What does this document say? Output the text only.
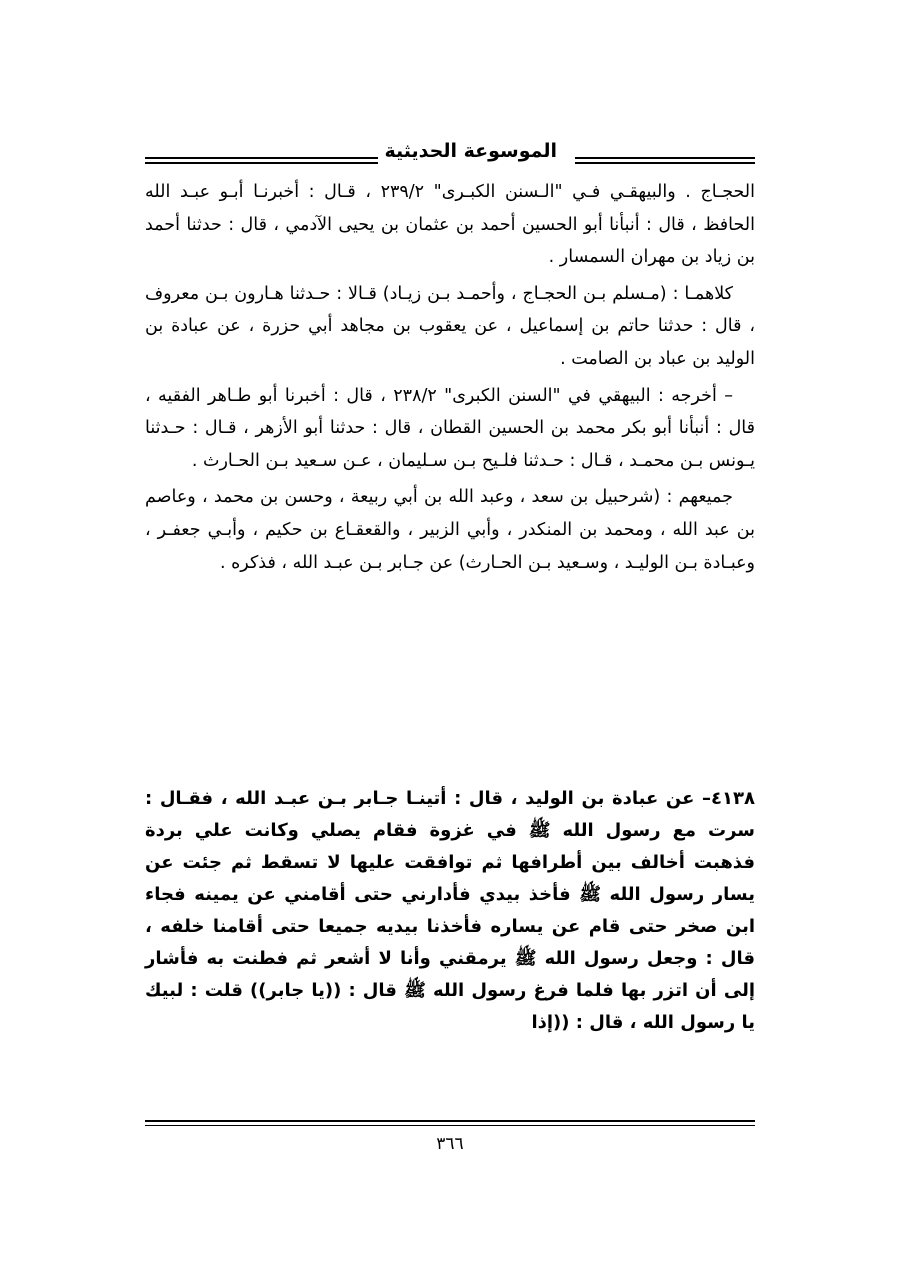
الموسوعة الحديثية

الحجـاج . والبيهقـي فـي "الـسنن الكبـرى" ٢٣٩/٢ ، قـال : أخبرنـا أبـو عبـد الله الحافظ ، قال : أنبأنا أبو الحسين أحمد بن عثمان بن يحيى الآدمي ، قال : حدثنا أحمد بن زياد بن مهران السمسار .

كلاهمـا : (مـسلم بـن الحجـاج ، وأحمـد بـن زيـاد) قـالا : حـدثنا هـارون بـن معروف ، قال : حدثنا حاتم بن إسماعيل ، عن يعقوب بن مجاهد أبي حزرة ، عن عبادة بن الوليد بن عباد بن الصامت .

– أخرجه : البيهقي في "السنن الكبرى" ٢٣٨/٢ ، قال : أخبرنا أبو طـاهر الفقيه ، قال : أنبأنا أبو بكر محمد بن الحسين القطان ، قال : حدثنا أبو الأزهر ، قـال : حـدثنا يـونس بـن محمـد ، قـال : حـدثنا فلـيح بـن سـليمان ، عـن سـعيد بـن الحـارث .

جميعهم : (شرحبيل بن سعد ، وعبد الله بن أبي ربيعة ، وحسن بن محمد ، وعاصم بن عبد الله ، ومحمد بن المنكدر ، وأبي الزبير ، والقعقـاع بن حكيم ، وأبـي جعفـر ، وعبـادة بـن الوليـد ، وسـعيد بـن الحـارث) عن جـابر بـن عبـد الله ، فذكره .

٤١٣٨– عن عبادة بن الوليد ، قال : أتينـا جـابر بـن عبـد الله ، فقـال : سرت مع رسول الله ﷺ في غزوة فقام يصلي وكانت علي بردة فذهبت أخالف بين أطرافها ثم توافقت عليها لا تسقط ثم جئت عن يسار رسول الله ﷺ فأخذ بيدي فأدارني حتى أقامني عن يمينه فجاء ابن صخر حتى قام عن يساره فأخذنا بيديه جميعا حتى أقامنا خلفه ، قال : وجعل رسول الله ﷺ يرمقني وأنا لا أشعر ثم فطنت به فأشار إلى أن اتزر بها فلما فرغ رسول الله ﷺ قال : ((يا جابر)) قلت : لبيك يا رسول الله ، قال : ((إذا

٣٦٦
